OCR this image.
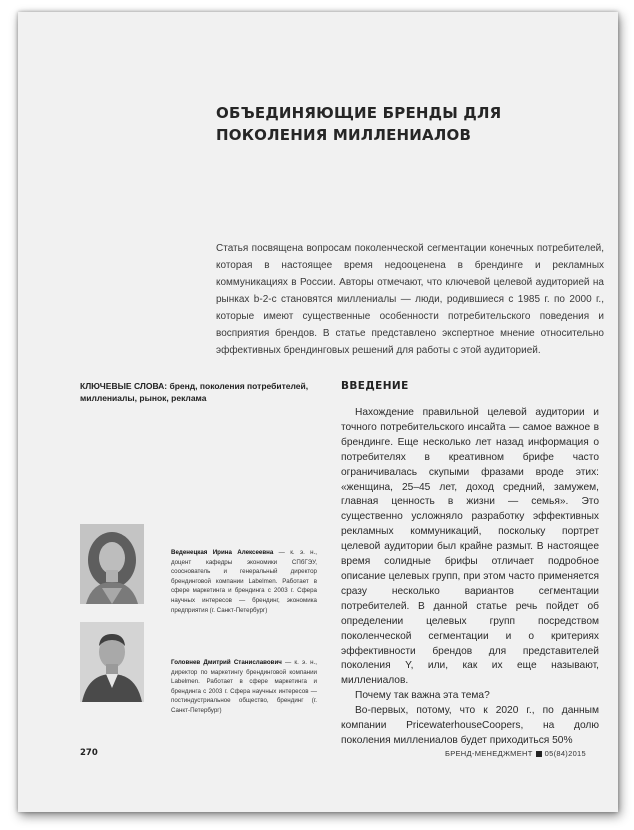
ОБЪЕДИНЯЮЩИЕ БРЕНДЫ ДЛЯ ПОКОЛЕНИЯ МИЛЛЕНИАЛОВ

Статья посвящена вопросам поколенческой сегментации конечных потребителей, которая в настоящее время недооценена в брендинге и рекламных коммуникациях в России. Авторы отмечают, что ключевой целевой аудиторией на рынках b-2-c становятся миллениалы — люди, родившиеся с 1985 г. по 2000 г., которые имеют существенные особенности потребительского поведения и восприятия брендов. В статье представлено экспертное мнение относительно эффективных брендинговых решений для работы с этой аудиторией.

КЛЮЧЕВЫЕ СЛОВА: бренд, поколения потребителей, миллениалы, рынок, реклама

ВВЕДЕНИЕ

Нахождение правильной целевой аудитории и точного потребительского инсайта — самое важное в брендинге. Еще несколько лет назад информация о потребителях в креативном брифе часто ограничивалась скупыми фразами вроде этих: «женщина, 25–45 лет, доход средний, замужем, главная ценность в жизни — семья». Это существенно усложняло разработку эффективных рекламных коммуникаций, поскольку портрет целевой аудитории был крайне размыт. В настоящее время солидные брифы отличает подробное описание целевых групп, при этом часто применяется сразу несколько вариантов сегментации потребителей. В данной статье речь пойдет об определении целевых групп посредством поколенческой сегментации и о критериях эффективности брендов для представителей поколения Y, или, как их еще называют, миллениалов.

Почему так важна эта тема?

Во-первых, потому, что к 2020 г., по данным компании PricewaterhouseCoopers, на долю поколения миллениалов будет приходиться 50%

Веденецкая Ирина Алексеевна — к. э. н., доцент кафедры экономики СПбГЭУ, сооснователь и генеральный директор брендинговой компании Labelmen. Работает в сфере маркетинга и брендинга с 2003 г. Сфера научных интересов — брендинг, экономика предприятия (г. Санкт-Петербург)

Головнев Дмитрий Станиславович — к. э. н., директор по маркетингу брендинговой компании Labelmen. Работает в сфере маркетинга и брендинга с 2003 г. Сфера научных интересов — постиндустриальное общество, брендинг (г. Санкт-Петербург)

270	БРЕНД-МЕНЕДЖМЕНТ 05(84)2015
